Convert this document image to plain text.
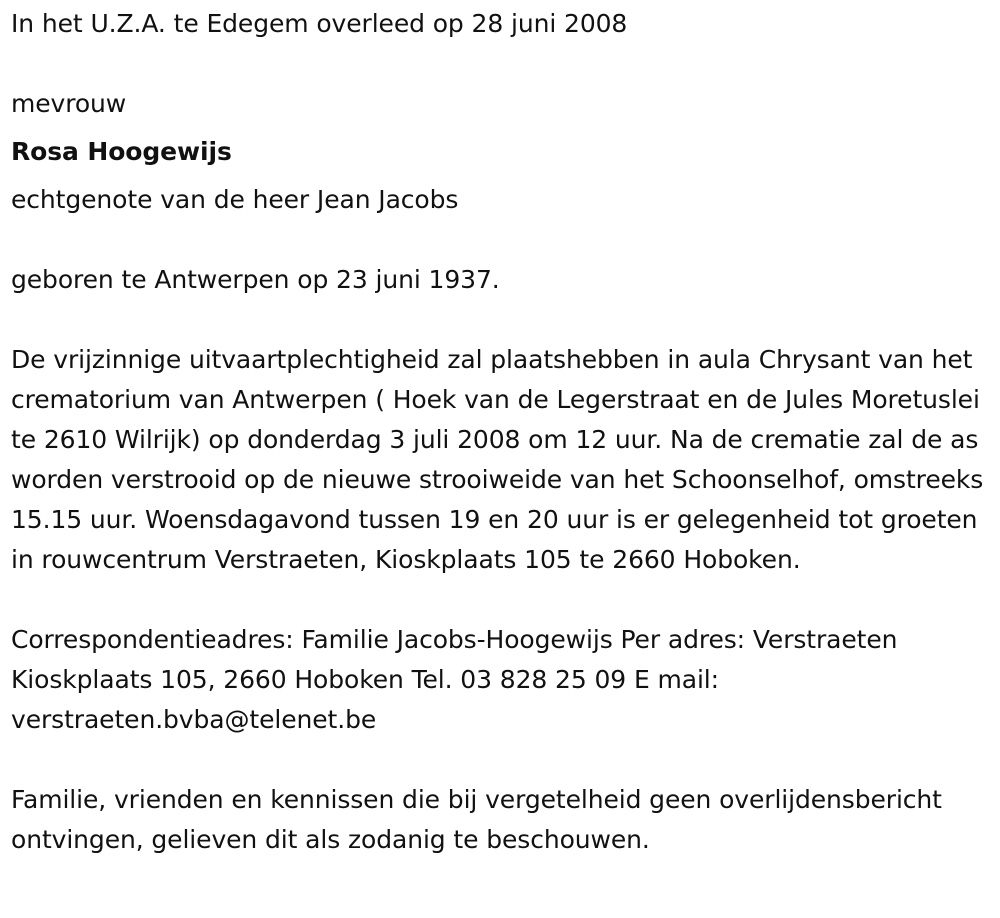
In het U.Z.A. te Edegem overleed op 28 juni 2008

mevrouw

Rosa Hoogewijs

echtgenote van de heer Jean Jacobs

geboren te Antwerpen op 23 juni 1937.

De vrijzinnige uitvaartplechtigheid zal plaatshebben in aula Chrysant van het crematorium van Antwerpen ( Hoek van de Legerstraat en de Jules Moretuslei te 2610 Wilrijk) op donderdag 3 juli 2008 om 12 uur. Na de crematie zal de as worden verstrooid op de nieuwe strooiweide van het Schoonselhof, omstreeks 15.15 uur. Woensdagavond tussen 19 en 20 uur is er gelegenheid tot groeten in rouwcentrum Verstraeten, Kioskplaats 105 te 2660 Hoboken.

Correspondentieadres: Familie Jacobs-Hoogewijs Per adres: Verstraeten Kioskplaats 105, 2660 Hoboken Tel. 03 828 25 09 E mail:
verstraeten.bvba@telenet.be

Familie, vrienden en kennissen die bij vergetelheid geen overlijdensbericht ontvingen, gelieven dit als zodanig te beschouwen.
